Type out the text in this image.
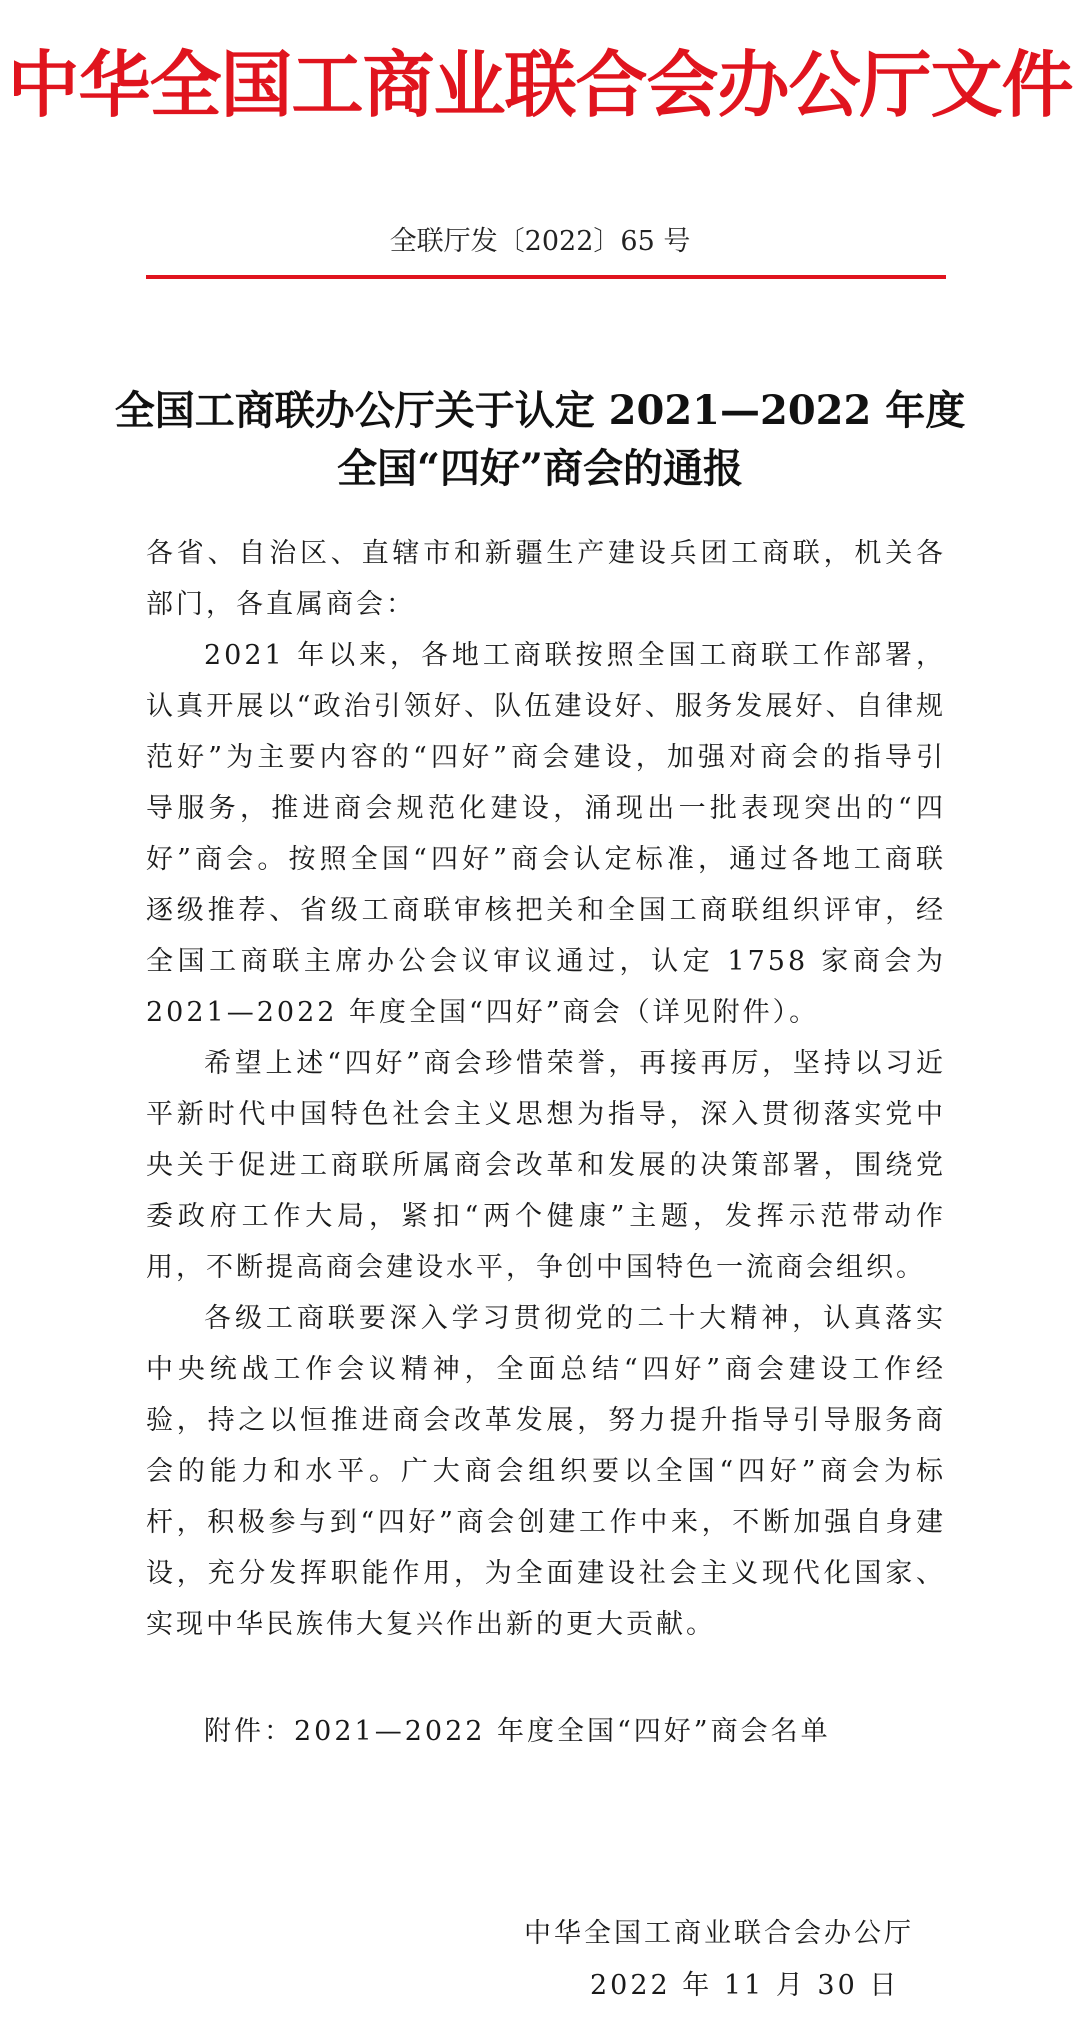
中华全国工商业联合会办公厅文件
全联厅发〔2022〕65 号
全国工商联办公厅关于认定 2021—2022 年度
全国“四好”商会的通报

各省、自治区、直辖市和新疆生产建设兵团工商联，机关各部门，各直属商会：

2021 年以来，各地工商联按照全国工商联工作部署，认真开展以“政治引领好、队伍建设好、服务发展好、自律规范好”为主要内容的“四好”商会建设，加强对商会的指导引导服务，推进商会规范化建设，涌现出一批表现突出的“四好”商会。按照全国“四好”商会认定标准，通过各地工商联逐级推荐、省级工商联审核把关和全国工商联组织评审，经全国工商联主席办公会议审议通过，认定 1758 家商会为 2021—2022 年度全国“四好”商会（详见附件）。

希望上述“四好”商会珍惜荣誉，再接再厉，坚持以习近平新时代中国特色社会主义思想为指导，深入贯彻落实党中央关于促进工商联所属商会改革和发展的决策部署，围绕党委政府工作大局，紧扣“两个健康”主题，发挥示范带动作用，不断提高商会建设水平，争创中国特色一流商会组织。

各级工商联要深入学习贯彻党的二十大精神，认真落实中央统战工作会议精神，全面总结“四好”商会建设工作经验，持之以恒推进商会改革发展，努力提升指导引导服务商会的能力和水平。广大商会组织要以全国“四好”商会为标杆，积极参与到“四好”商会创建工作中来，不断加强自身建设，充分发挥职能作用，为全面建设社会主义现代化国家、实现中华民族伟大复兴作出新的更大贡献。

附件：2021—2022 年度全国“四好”商会名单
中华全国工商业联合会办公厅
2022 年 11 月 30 日
